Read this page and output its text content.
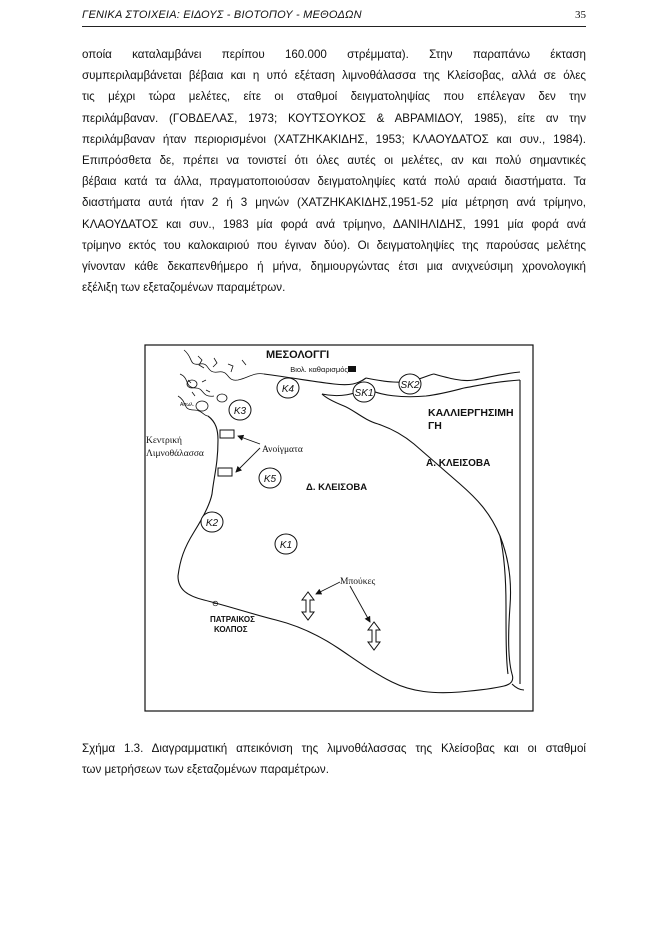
ΓΕΝΙΚΑ ΣΤΟΙΧΕΙΑ: ΕΙΔΟΥΣ - ΒΙΟΤΟΠΟΥ - ΜΕΘΟΔΩΝ	35
οποία καταλαμβάνει περίπου 160.000 στρέμματα). Στην παραπάνω έκταση
συμπεριλαμβάνεται βέβαια και η υπό εξέταση λιμνοθάλασσα της Κλείσοβας, αλλά σε όλες
τις μέχρι τώρα μελέτες, είτε οι σταθμοί δειγματοληψίας που επέλεγαν δεν την
περιλάμβαναν. (ΓΟΒΔΕΛΑΣ, 1973; ΚΟΥΤΣΟΥΚΟΣ & ΑΒΡΑΜΙΔΟΥ, 1985), είτε αν την
περιλάμβαναν ήταν περιορισμένοι (ΧΑΤΖΗΚΑΚΙΔΗΣ, 1953; ΚΛΑΟΥΔΑΤΟΣ και συν., 1984).
Επιπρόσθετα δε, πρέπει να τονιστεί ότι όλες αυτές οι μελέτες, αν και πολύ σημαντικές
βέβαια κατά τα άλλα, πραγματοποιούσαν δειγματοληψίες κατά πολύ αραιά διαστήματα. Τα
διαστήματα αυτά ήταν 2 ή 3 μηνών (ΧΑΤΖΗΚΑΚΙΔΗΣ,1951-52 μία μέτρηση ανά τρίμηνο,
ΚΛΑΟΥΔΑΤΟΣ και συν., 1983 μία φορά ανά τρίμηνο, ΔΑΝΙΗΛΙΔΗΣ, 1991 μία φορά ανά
τρίμηνο εκτός του καλοκαιριού που έγιναν δύο). Οι δειγματοληψίες της παρούσας μελέτης
γίνονταν κάθε δεκαπενθήμερο ή μήνα, δημιουργώντας έτσι μια ανιχνεύσιμη χρονολογική
εξέλιξη των εξεταζομένων παραμέτρων.
K4
K3
K5
K2
K1
SK1
SK2
ΜΕΣΟΛΟΓΓΙ
Βιολ. καθαρισμός
ΚΑΛΛΙΕΡΓΗΣΙΜΗ
ΓΗ
Α. ΚΛΕΙΣΟΒΑ
Δ. ΚΛΕΙΣΟΒΑ
Κεντρική
Λιμνοθάλασσα	Ανοίγματα
Μπούκες
ΠΑΤΡΑΙΚΟΣ
ΚΟΛΠΟΣ
Αιτωλ.
⊖
Σχήμα 1.3. Διαγραμματική απεικόνιση της λιμνοθάλασσας της Κλείσοβας και οι σταθμοί
των μετρήσεων των εξεταζομένων παραμέτρων.
